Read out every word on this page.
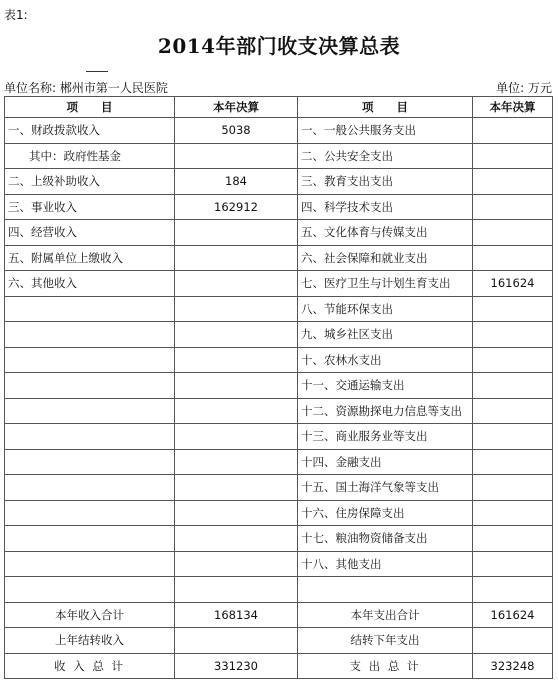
表1:
2014年部门收支决算总表
单位名称: 郴州市第一人民医院	单位: 万元
项　　目	本年决算	项　　目	本年决算
一、财政拨款收入	5038	一、一般公共服务支出	
其中：政府性基金		二、公共安全支出	
二、上级补助收入	184	三、教育支出支出	
三、事业收入	162912	四、科学技术支出	
四、经营收入		五、文化体育与传媒支出	
五、附属单位上缴收入		六、社会保障和就业支出	
六、其他收入		七、医疗卫生与计划生育支出	161624
		八、节能环保支出	
		九、城乡社区支出	
		十、农林水支出	
		十一、交通运输支出	
		十二、资源勘探电力信息等支出	
		十三、商业服务业等支出	
		十四、金融支出	
		十五、国土海洋气象等支出	
		十六、住房保障支出	
		十七、粮油物资储备支出	
		十八、其他支出	

本年收入合计	168134	本年支出合计	161624
上年结转收入		结转下年支出	
收 入 总 计	331230	支 出 总 计	323248
